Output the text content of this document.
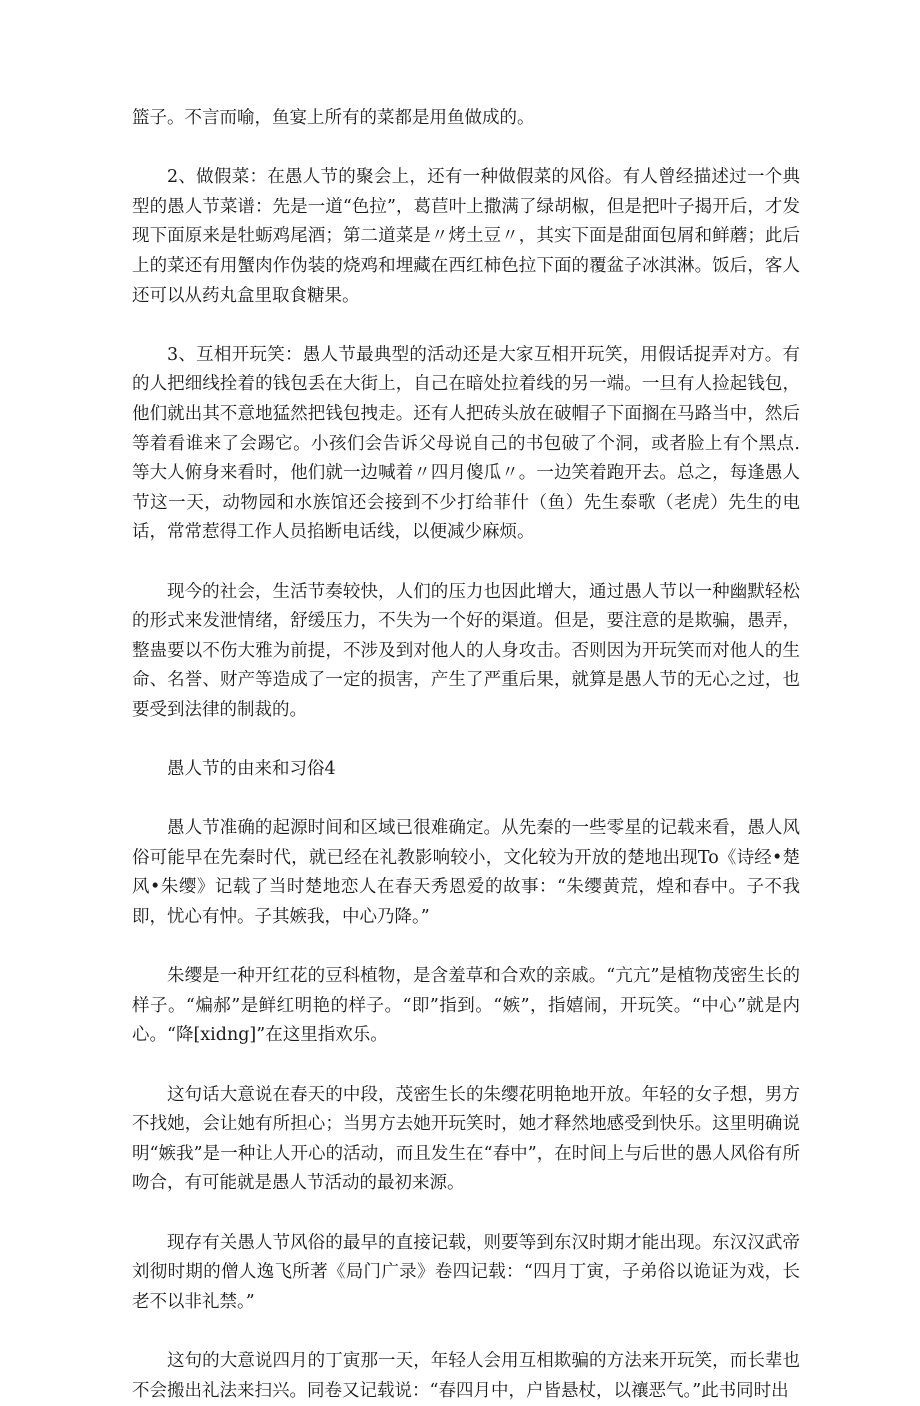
篮子。不言而喻，鱼宴上所有的菜都是用鱼做成的。

2、做假菜：在愚人节的聚会上，还有一种做假菜的风俗。有人曾经描述过一个典型的愚人节菜谱：先是一道“色拉”，葛苣叶上撒满了绿胡椒，但是把叶子揭开后，才发现下面原来是牡蛎鸡尾酒；第二道菜是〃烤土豆〃，其实下面是甜面包屑和鲜蘑；此后上的菜还有用蟹肉作伪装的烧鸡和埋藏在西红柿色拉下面的覆盆子冰淇淋。饭后，客人还可以从药丸盒里取食糖果。

3、互相开玩笑：愚人节最典型的活动还是大家互相开玩笑，用假话捉弄对方。有的人把细线拴着的钱包丢在大街上，自己在暗处拉着线的另一端。一旦有人捡起钱包，他们就出其不意地猛然把钱包拽走。还有人把砖头放在破帽子下面搁在马路当中，然后等着看谁来了会踢它。小孩们会告诉父母说自己的书包破了个洞，或者脸上有个黑点.等大人俯身来看时，他们就一边喊着〃四月傻瓜〃。一边笑着跑开去。总之，每逢愚人节这一天，动物园和水族馆还会接到不少打给菲什（鱼）先生泰歌（老虎）先生的电话，常常惹得工作人员掐断电话线，以便减少麻烦。

现今的社会，生活节奏较快，人们的压力也因此增大，通过愚人节以一种幽默轻松的形式来发泄情绪，舒缓压力，不失为一个好的渠道。但是，要注意的是欺骗，愚弄，整蛊要以不伤大雅为前提，不涉及到对他人的人身攻击。否则因为开玩笑而对他人的生命、名誉、财产等造成了一定的损害，产生了严重后果，就算是愚人节的无心之过，也要受到法律的制裁的。

愚人节的由来和习俗4

愚人节准确的起源时间和区域已很难确定。从先秦的一些零星的记载来看，愚人风俗可能早在先秦时代，就已经在礼教影响较小，文化较为开放的楚地出现To《诗经•楚风•朱缨》记载了当时楚地恋人在春天秀恩爱的故事：“朱缨黄荒，煌和春中。子不我即，忧心有忡。子其嫉我，中心乃降。”

朱缨是一种开红花的豆科植物，是含羞草和合欢的亲戚。“亢亢”是植物茂密生长的样子。“煸郝”是鲜红明艳的样子。“即”指到。“嫉”，指嬉闹，开玩笑。“中心”就是内心。“降[xidng]”在这里指欢乐。

这句话大意说在春天的中段，茂密生长的朱缨花明艳地开放。年轻的女子想，男方不找她，会让她有所担心；当男方去她开玩笑时，她才释然地感受到快乐。这里明确说明“嫉我”是一种让人开心的活动，而且发生在“春中”，在时间上与后世的愚人风俗有所吻合，有可能就是愚人节活动的最初来源。

现存有关愚人节风俗的最早的直接记载，则要等到东汉时期才能出现。东汉汉武帝刘彻时期的僧人逸飞所著《局门广录》卷四记载：“四月丁寅，子弟俗以诡证为戏，长老不以非礼禁。”

这句的大意说四月的丁寅那一天，年轻人会用互相欺骗的方法来开玩笑，而长辈也不会搬出礼法来扫兴。同卷又记载说：“春四月中，户皆悬杖，以禳恶气。”此书同时出
